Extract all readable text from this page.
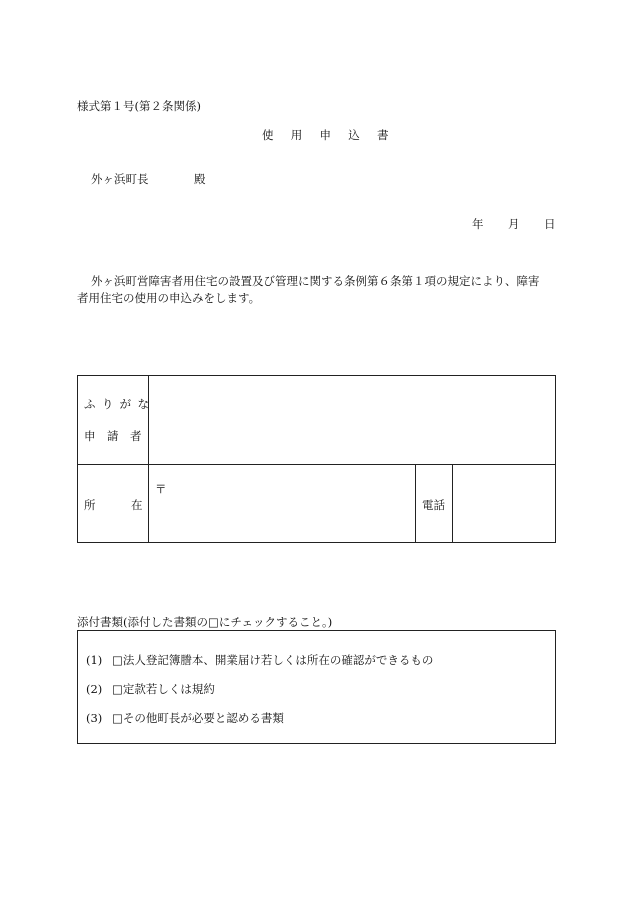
様式第１号(第２条関係)
使　用　申　込　書
外ヶ浜町長	殿
年 月 日
外ヶ浜町営障害者用住宅の設置及び管理に関する条例第６条第１項の規定により、障害
者用住宅の使用の申込みをします。
ふりがな
申請者
所	在
〒
電話
添付書類(添付した書類の□にチェックすること。)
(1) □法人登記簿謄本、開業届け若しくは所在の確認ができるもの
(2) □定款若しくは規約
(3) □その他町長が必要と認める書類
